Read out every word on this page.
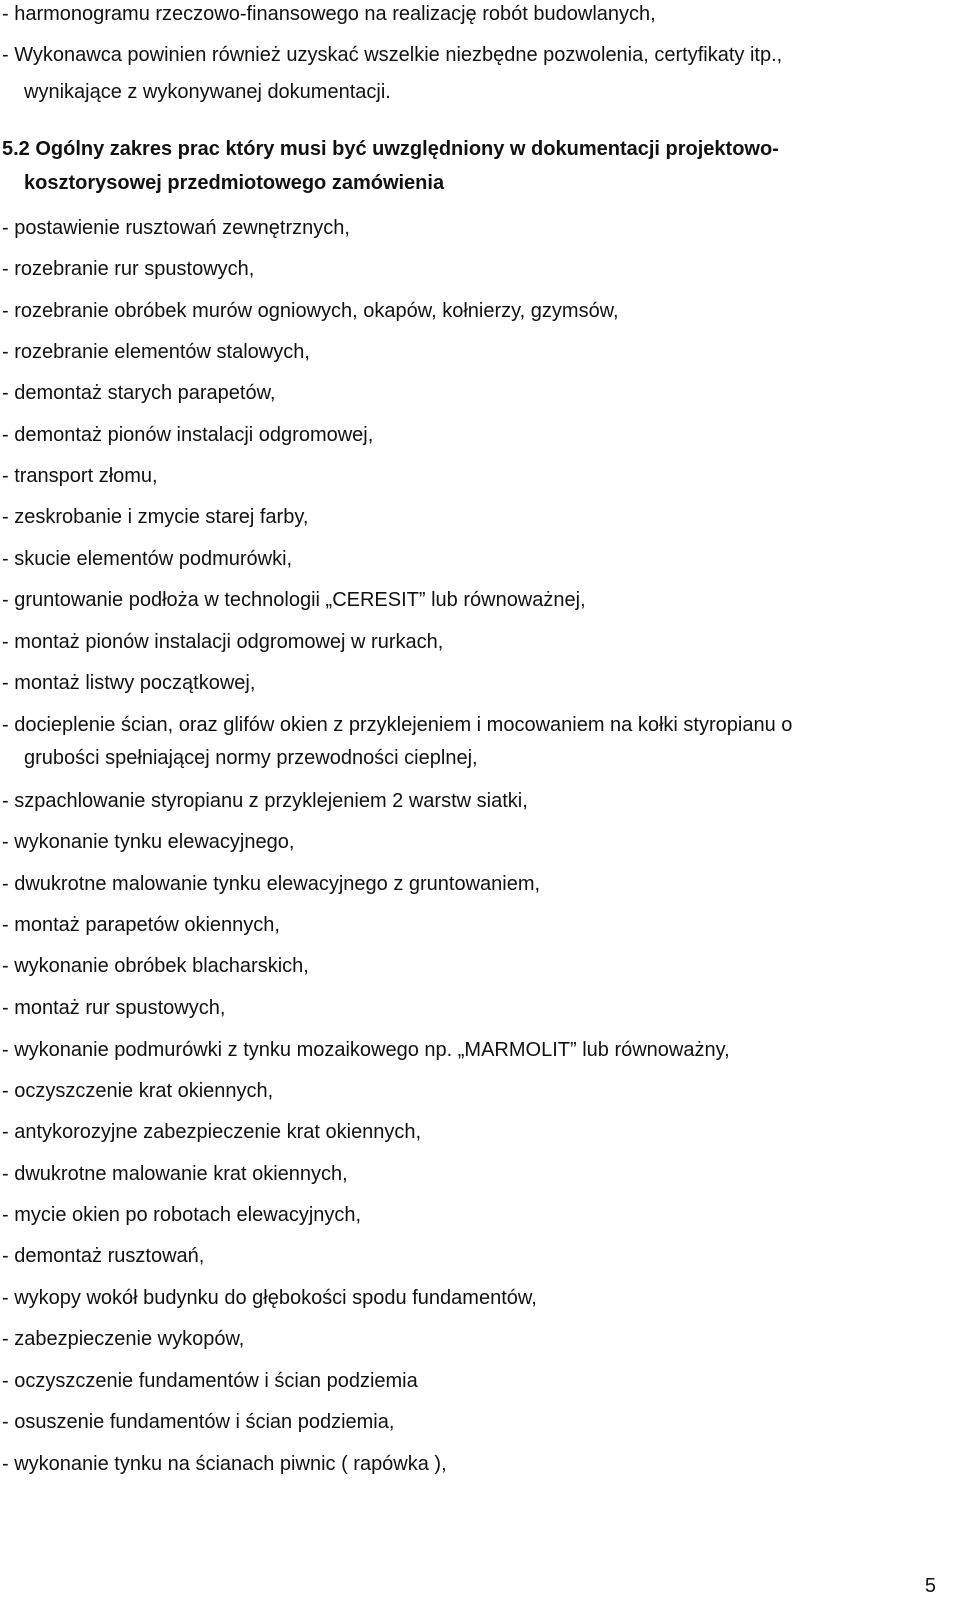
- harmonogramu rzeczowo-finansowego na realizację robót budowlanych,
- Wykonawca powinien również uzyskać wszelkie niezbędne pozwolenia, certyfikaty itp.,
wynikające z wykonywanej dokumentacji.
5.2 Ogólny zakres prac który musi być uwzględniony w dokumentacji projektowo-
kosztorysowej przedmiotowego zamówienia
- postawienie rusztowań zewnętrznych,
- rozebranie rur spustowych,
- rozebranie obróbek murów ogniowych, okapów, kołnierzy, gzymsów,
- rozebranie elementów stalowych,
- demontaż starych parapetów,
- demontaż pionów instalacji odgromowej,
- transport złomu,
- zeskrobanie i zmycie starej farby,
- skucie elementów podmurówki,
- gruntowanie podłoża w technologii „CERESIT” lub równoważnej,
- montaż pionów instalacji odgromowej w rurkach,
- montaż listwy początkowej,
- docieplenie ścian, oraz glifów okien z przyklejeniem i mocowaniem na kołki styropianu o
grubości spełniającej normy przewodności cieplnej,
- szpachlowanie styropianu z przyklejeniem 2 warstw siatki,
- wykonanie tynku elewacyjnego,
- dwukrotne malowanie tynku elewacyjnego z gruntowaniem,
- montaż parapetów okiennych,
- wykonanie obróbek blacharskich,
- montaż rur spustowych,
- wykonanie podmurówki z tynku mozaikowego np. „MARMOLIT” lub równoważny,
- oczyszczenie krat okiennych,
- antykorozyjne zabezpieczenie krat okiennych,
- dwukrotne malowanie krat okiennych,
- mycie okien po robotach elewacyjnych,
- demontaż rusztowań,
- wykopy wokół budynku do głębokości spodu fundamentów,
- zabezpieczenie wykopów,
- oczyszczenie fundamentów i ścian podziemia
- osuszenie fundamentów i ścian podziemia,
- wykonanie tynku na ścianach piwnic ( rapówka ),
5
